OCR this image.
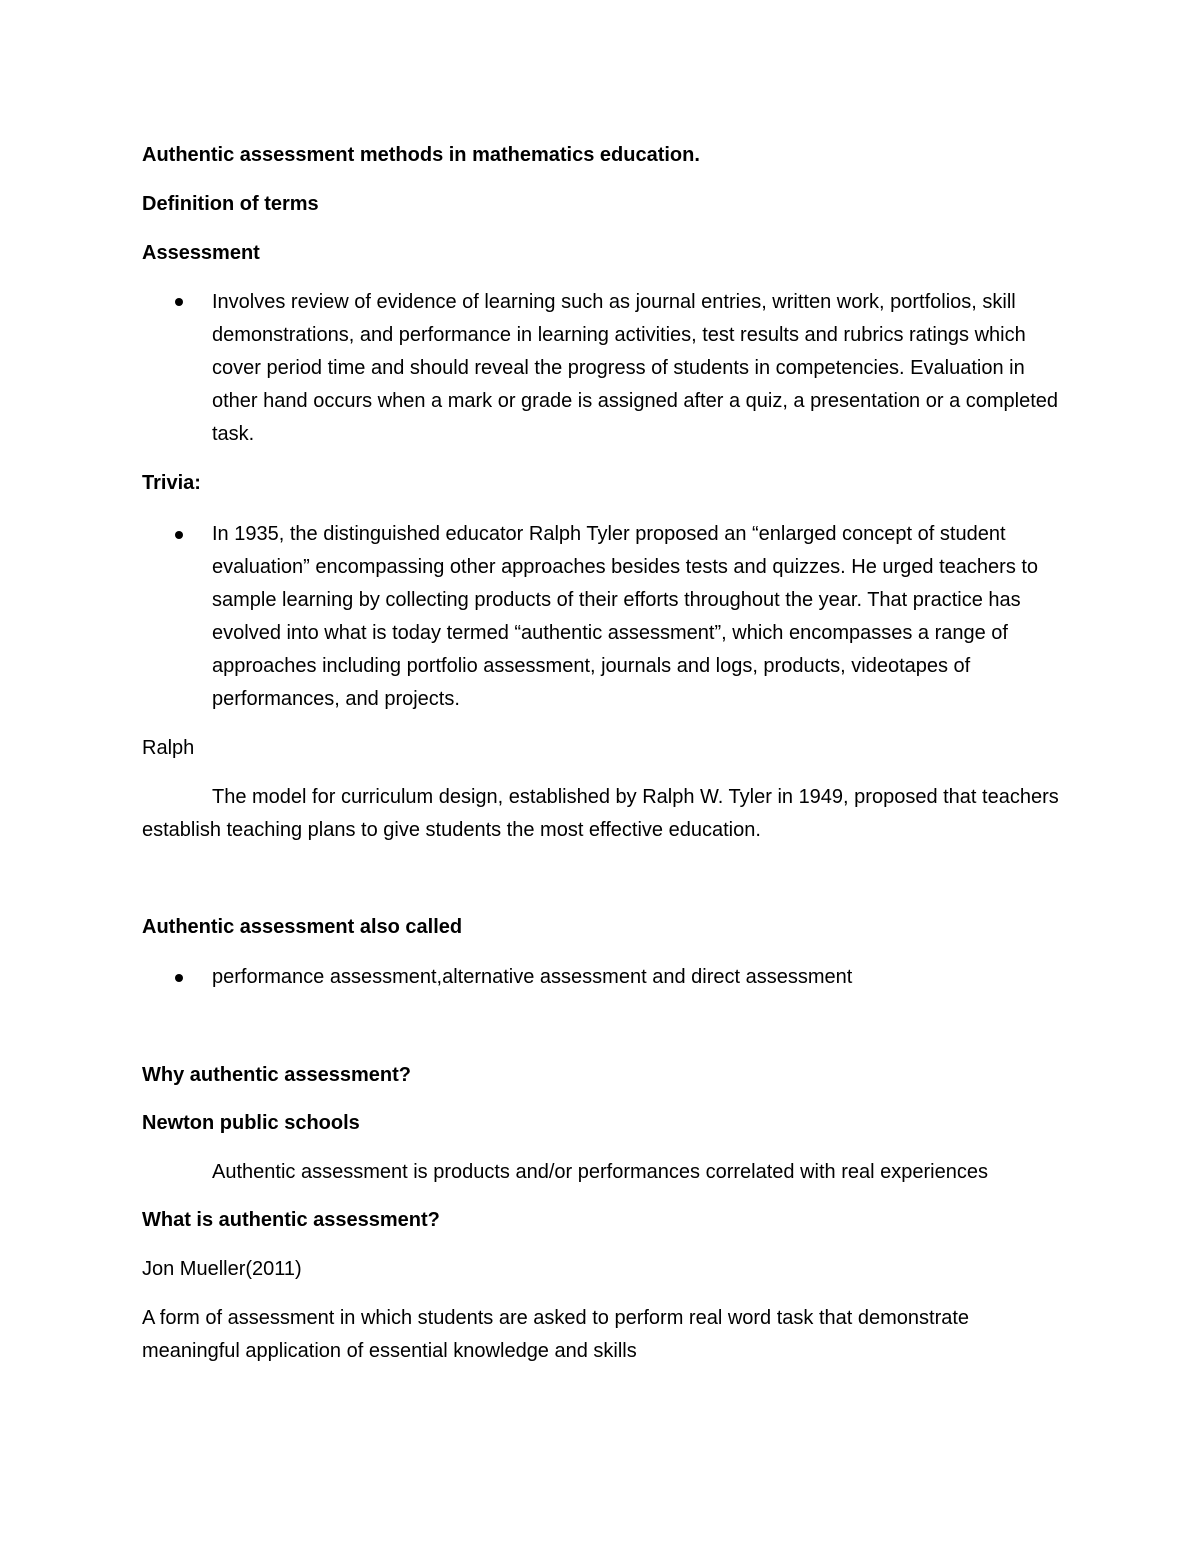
Authentic assessment methods in mathematics education.
Definition of terms
Assessment
Involves review of evidence of learning such as journal entries, written work, portfolios, skill demonstrations, and performance in learning activities, test results and rubrics ratings which cover period time and should reveal the progress of students in competencies. Evaluation in other hand occurs when a mark or grade is assigned after a quiz, a presentation or a completed task.
Trivia:
In 1935, the distinguished educator Ralph Tyler proposed an “enlarged concept of student evaluation” encompassing other approaches besides tests and quizzes. He urged teachers to sample learning by collecting products of their efforts throughout the year. That practice has evolved into what is today termed “authentic assessment”, which encompasses a range of approaches including portfolio assessment, journals and logs, products, videotapes of performances, and projects.
Ralph
The model for curriculum design, established by Ralph W. Tyler in 1949, proposed that teachers establish teaching plans to give students the most effective education.
Authentic assessment also called
performance assessment,alternative assessment and direct assessment
Why authentic assessment?
Newton public schools
Authentic assessment is products and/or performances correlated with real experiences
What is authentic assessment?
Jon Mueller(2011)
A form of assessment in which students are asked to perform real word task that demonstrate meaningful application of essential knowledge and skills
